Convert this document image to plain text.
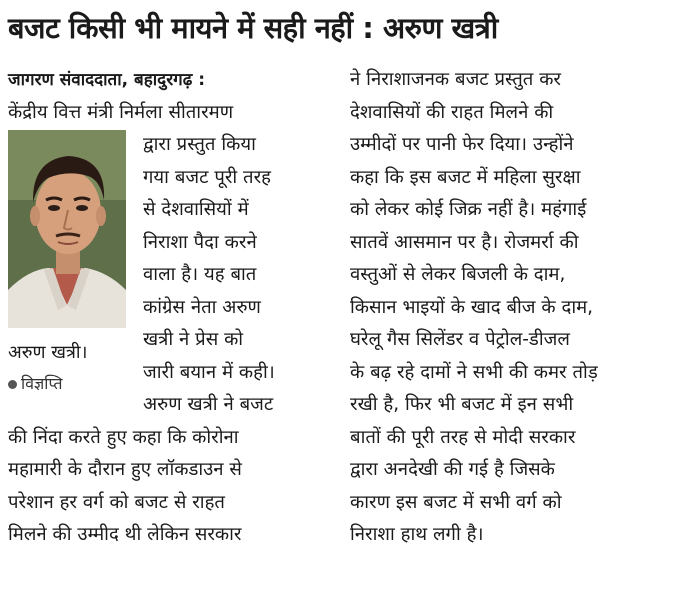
बजट किसी भी मायने में सही नहीं : अरुण खत्री
जागरण संवाददाता, बहादुरगढ़ :
केंद्रीय वित्त मंत्री निर्मला सीतारमण
द्वारा प्रस्तुत किया
गया बजट पूरी तरह
से देशवासियों में
निराशा पैदा करने
वाला है। यह बात
कांग्रेस नेता अरुण
खत्री ने प्रेस को
जारी बयान में कही।
अरुण खत्री ने बजट
की निंदा करते हुए कहा कि कोरोना
महामारी के दौरान हुए लॉकडाउन से
परेशान हर वर्ग को बजट से राहत
मिलने की उम्मीद थी लेकिन सरकार
अरुण खत्री।
विज्ञप्ति
ने निराशाजनक बजट प्रस्तुत कर
देशवासियों की राहत मिलने की
उम्मीदों पर पानी फेर दिया। उन्होंने
कहा कि इस बजट में महिला सुरक्षा
को लेकर कोई जिक्र नहीं है। महंगाई
सातवें आसमान पर है। रोजमर्रा की
वस्तुओं से लेकर बिजली के दाम,
किसान भाइयों के खाद बीज के दाम,
घरेलू गैस सिलेंडर व पेट्रोल-डीजल
के बढ़ रहे दामों ने सभी की कमर तोड़
रखी है, फिर भी बजट में इन सभी
बातों की पूरी तरह से मोदी सरकार
द्वारा अनदेखी की गई है जिसके
कारण इस बजट में सभी वर्ग को
निराशा हाथ लगी है।
